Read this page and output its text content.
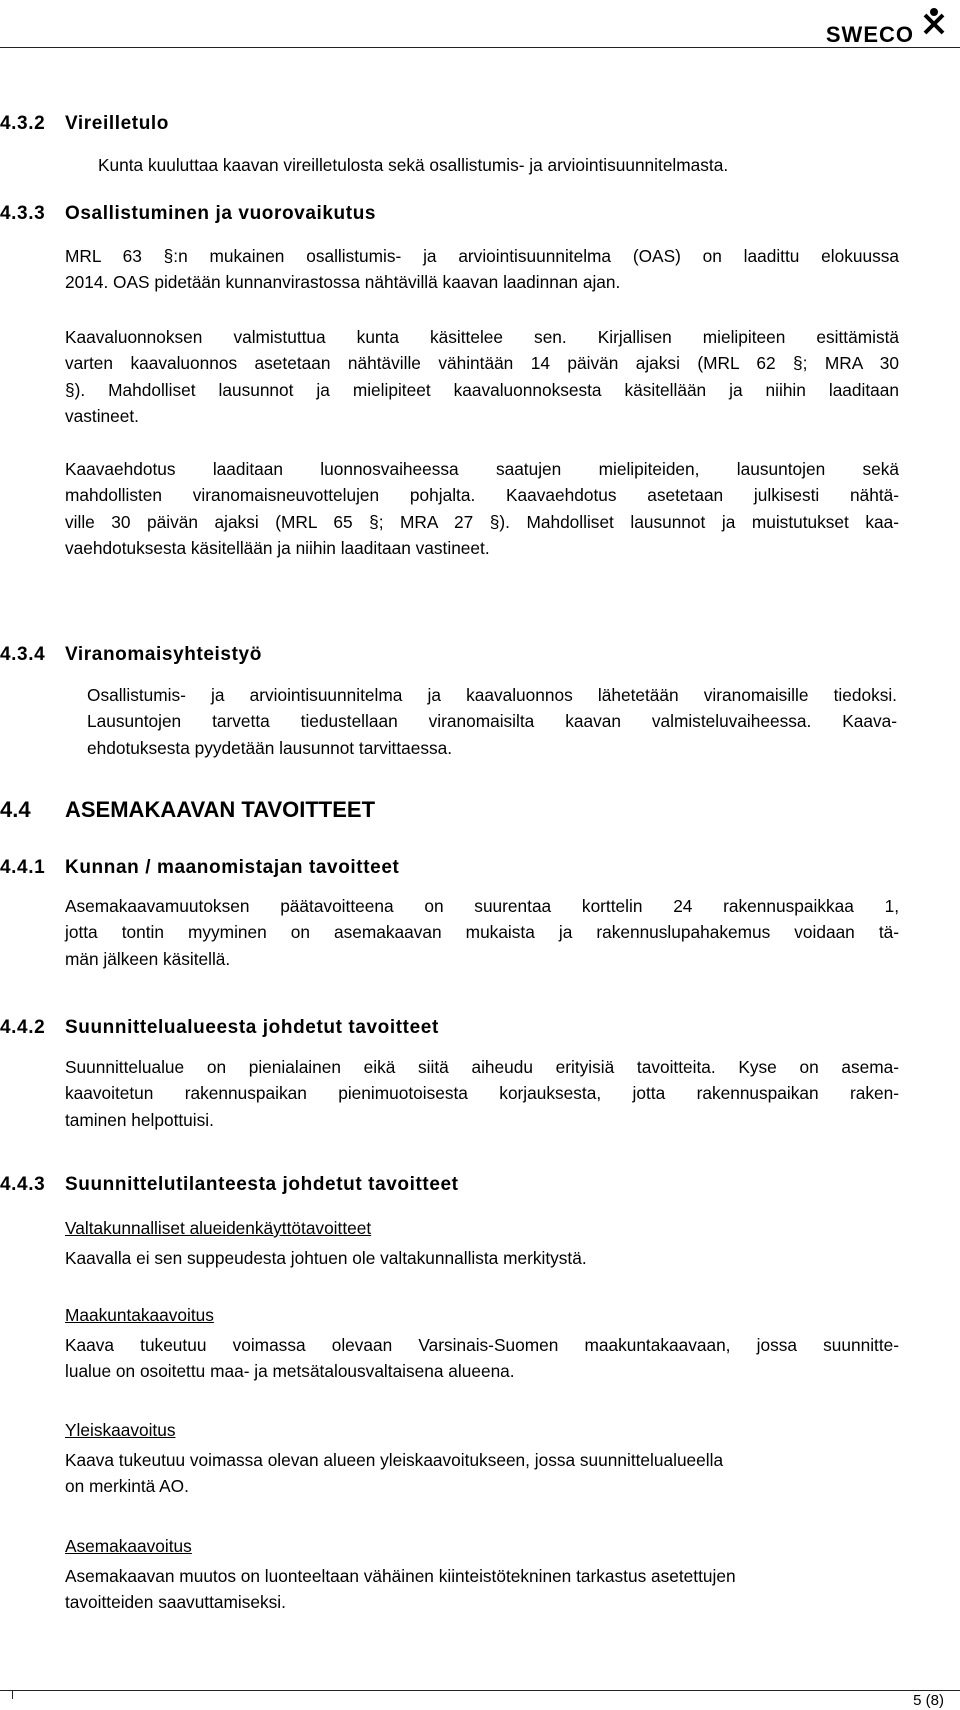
SWECO
4.3.2 Vireilletulo
Kunta kuuluttaa kaavan vireilletulosta sekä osallistumis- ja arviointisuunnitelmasta.
4.3.3 Osallistuminen ja vuorovaikutus
MRL 63 §:n mukainen osallistumis- ja arviointisuunnitelma (OAS) on laadittu elokuussa
2014. OAS pidetään kunnanvirastossa nähtävillä kaavan laadinnan ajan.
Kaavaluonnoksen valmistuttua kunta käsittelee sen. Kirjallisen mielipiteen esittämistä
varten kaavaluonnos asetetaan nähtäville vähintään 14 päivän ajaksi (MRL 62 §; MRA 30
§). Mahdolliset lausunnot ja mielipiteet kaavaluonnoksesta käsitellään ja niihin laaditaan
vastineet.
Kaavaehdotus laaditaan luonnosvaiheessa saatujen mielipiteiden, lausuntojen sekä
mahdollisten viranomaisneuvottelujen pohjalta. Kaavaehdotus asetetaan julkisesti nähtä-
ville 30 päivän ajaksi (MRL 65 §; MRA 27 §). Mahdolliset lausunnot ja muistutukset kaa-
vaehdotuksesta käsitellään ja niihin laaditaan vastineet.
4.3.4 Viranomaisyhteistyö
Osallistumis- ja arviointisuunnitelma ja kaavaluonnos lähetetään viranomaisille tiedoksi.
Lausuntojen tarvetta tiedustellaan viranomaisilta kaavan valmisteluvaiheessa. Kaava-
ehdotuksesta pyydetään lausunnot tarvittaessa.
4.4 ASEMAKAAVAN TAVOITTEET
4.4.1 Kunnan / maanomistajan tavoitteet
Asemakaavamuutoksen päätavoitteena on suurentaa korttelin 24 rakennuspaikkaa 1,
jotta tontin myyminen on asemakaavan mukaista ja rakennuslupahakemus voidaan tä-
män jälkeen käsitellä.
4.4.2 Suunnittelualueesta johdetut tavoitteet
Suunnittelualue on pienialainen eikä siitä aiheudu erityisiä tavoitteita. Kyse on asema-
kaavoitetun rakennuspaikan pienimuotoisesta korjauksesta, jotta rakennuspaikan raken-
taminen helpottuisi.
4.4.3 Suunnittelutilanteesta johdetut tavoitteet
Valtakunnalliset alueidenkäyttötavoitteet
Kaavalla ei sen suppeudesta johtuen ole valtakunnallista merkitystä.
Maakuntakaavoitus
Kaava tukeutuu voimassa olevaan Varsinais-Suomen maakuntakaavaan, jossa suunnitte-
lualue on osoitettu maa- ja metsätalousvaltaisena alueena.
Yleiskaavoitus
Kaava tukeutuu voimassa olevan alueen yleiskaavoitukseen, jossa suunnittelualueella
on merkintä AO.
Asemakaavoitus
Asemakaavan muutos on luonteeltaan vähäinen kiinteistötekninen tarkastus asetettujen
tavoitteiden saavuttamiseksi.
5 (8)
